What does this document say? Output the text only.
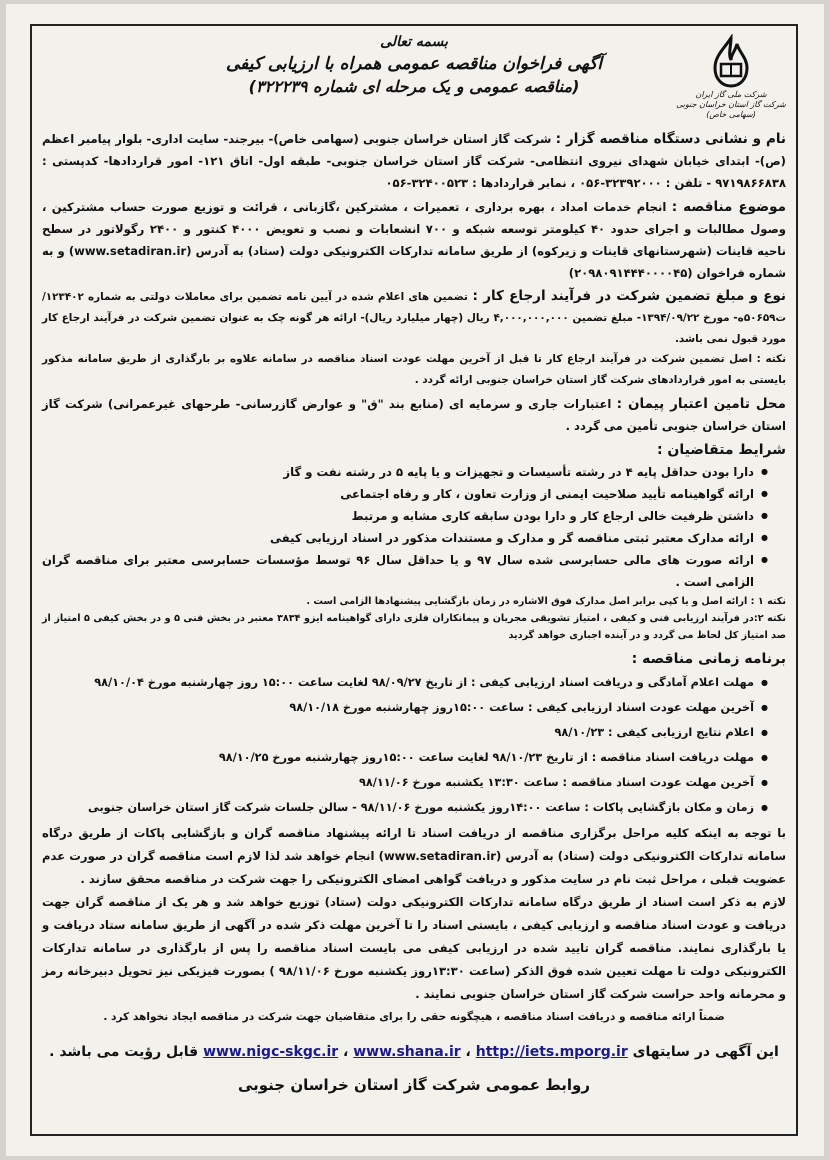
شرکت ملی گاز ایران
شرکت گاز استان خراسان جنوبی (سهامی خاص)
بسمه تعالی
آگهی فراخوان مناقصه عمومی همراه با ارزیابی کیفی
(مناقصه عمومی و یک مرحله ای شماره ۳۲۲۲۳۹)

نام و نشانی دستگاه مناقصه گزار : شرکت گاز استان خراسان جنوبی (سهامی خاص)- بیرجند- سایت اداری- بلوار پیامبر اعظم (ص)- ابتدای خیابان شهدای نیروی انتظامی- شرکت گاز استان خراسان جنوبی- طبقه اول- اتاق ۱۲۱- امور قراردادها- کدپستی : ۹۷۱۹۸۶۶۸۳۸ - تلفن : ۳۲۳۹۲۰۰۰-۰۵۶ ، نمابر قراردادها : ۳۲۴۰۰۵۲۳-۰۵۶

موضوع مناقصه : انجام خدمات امداد ، بهره برداری ، تعمیرات ، مشترکین ،گازبانی ، قرائت و توزیع صورت حساب مشترکین ، وصول مطالبات و اجرای حدود ۴۰ کیلومتر توسعه شبکه و ۷۰۰ انشعابات و نصب و تعویض ۴۰۰۰ کنتور و ۲۴۰۰ رگولاتور در سطح ناحیه قاینات (شهرستانهای قاینات و زیرکوه) از طریق سامانه تدارکات الکترونیکی دولت (ستاد) به آدرس (www.setadiran.ir) و به شماره فراخوان (۲۰۹۸۰۹۱۴۴۴۰۰۰۰۴۵)

نوع و مبلغ تضمین شرکت در فرآیند ارجاع کار : تضمین های اعلام شده در آیین نامه تضمین برای معاملات دولتی به شماره ۱۲۳۴۰۲/ت۵۰۶۵۹ه- مورخ ۱۳۹۴/۰۹/۲۲- مبلغ تضمین ۴,۰۰۰,۰۰۰,۰۰۰ ریال (چهار میلیارد ریال)- ارائه هر گونه چک به عنوان تضمین شرکت در فرآیند ارجاع کار مورد قبول نمی باشد.

نکته : اصل تضمین شرکت در فرآیند ارجاع کار تا قبل از آخرین مهلت عودت اسناد مناقصه در سامانه علاوه بر بارگذاری از طریق سامانه مذکور بایستی به امور قراردادهای شرکت گاز استان خراسان جنوبی ارائه گردد .

محل تامین اعتبار پیمان : اعتبارات جاری و سرمایه ای (منابع بند "ق" و عوارض گازرسانی- طرحهای غیرعمرانی) شرکت گاز استان خراسان جنوبی تأمین می گردد .

شرایط متقاضیان :
● دارا بودن حداقل پایه ۴ در رشته تأسیسات و تجهیزات و یا پایه ۵ در رشته نفت و گاز
● ارائه گواهینامه تأیید صلاحیت ایمنی از وزارت تعاون ، کار و رفاه اجتماعی
● داشتن ظرفیت خالی ارجاع کار و دارا بودن سابقه کاری مشابه و مرتبط
● ارائه مدارک معتبر ثبتی مناقصه گر و مدارک و مستندات مذکور در اسناد ارزیابی کیفی
● ارائه صورت های مالی حسابرسی شده سال ۹۷ و یا حداقل سال ۹۶ توسط مؤسسات حسابرسی معتبر برای مناقصه گران الزامی است .

نکته ۱ : ارائه اصل و یا کپی برابر اصل مدارک فوق الاشاره در زمان بازگشایی پیشنهادها الزامی است .

نکته ۲:در فرآیند ارزیابی فنی و کیفی ، امتیاز تشویقی مجریان و پیمانکاران فلزی دارای گواهینامه ایزو ۳۸۳۴ معتبر در بخش فنی ۵ و در بخش کیفی ۵ امتیاز از صد امتیاز کل لحاظ می گردد و در آینده اجباری خواهد گردید

برنامه زمانی مناقصه :
● مهلت اعلام آمادگی و دریافت اسناد ارزیابی کیفی : از تاریخ ۹۸/۰۹/۲۷ لغایت ساعت ۱۵:۰۰ روز چهارشنبه مورخ ۹۸/۱۰/۰۴
● آخرین مهلت عودت اسناد ارزیابی کیفی : ساعت ۱۵:۰۰روز چهارشنبه مورخ ۹۸/۱۰/۱۸
● اعلام نتایج ارزیابی کیفی : ۹۸/۱۰/۲۳
● مهلت دریافت اسناد مناقصه : از تاریخ ۹۸/۱۰/۲۳ لغایت ساعت ۱۵:۰۰روز چهارشنبه مورخ ۹۸/۱۰/۲۵
● آخرین مهلت عودت اسناد مناقصه : ساعت ۱۳:۳۰ یکشنبه مورخ ۹۸/۱۱/۰۶
● زمان و مکان بازگشایی پاکات : ساعت ۱۴:۰۰روز یکشنبه مورخ ۹۸/۱۱/۰۶ - سالن جلسات شرکت گاز استان خراسان جنوبی

با توجه به اینکه کلیه مراحل برگزاری مناقصه از دریافت اسناد تا ارائه پیشنهاد مناقصه گران و بازگشایی پاکات از طریق درگاه سامانه تدارکات الکترونیکی دولت (ستاد) به آدرس (www.setadiran.ir) انجام خواهد شد لذا لازم است مناقصه گران در صورت عدم عضویت قبلی ، مراحل ثبت نام در سایت مذکور و دریافت گواهی امضای الکترونیکی را جهت شرکت در مناقصه محقق سازند .

لازم به ذکر است اسناد از طریق درگاه سامانه تدارکات الکترونیکی دولت (ستاد) توزیع خواهد شد و هر یک از مناقصه گران جهت دریافت و عودت اسناد مناقصه و ارزیابی کیفی ، بایستی اسناد را تا آخرین مهلت ذکر شده در آگهی از طریق سامانه ستاد دریافت و یا بارگذاری نمایند. مناقصه گران تایید شده در ارزیابی کیفی می بایست اسناد مناقصه را پس از بارگذاری در سامانه تدارکات الکترونیکی دولت تا مهلت تعیین شده فوق الذکر (ساعت ۱۳:۳۰روز یکشنبه مورخ ۹۸/۱۱/۰۶ ) بصورت فیزیکی نیز تحویل دبیرخانه رمز و محرمانه واحد حراست شرکت گاز استان خراسان جنوبی نمایند .

ضمناً ارائه مناقصه و دریافت اسناد مناقصه ، هیچگونه حقی را برای متقاضیان جهت شرکت در مناقصه ایجاد نخواهد کرد .

این آگهی در سایتهای www.nigc-skgc.ir ، www.shana.ir ، http://iets.mporg.ir قابل رؤیت می باشد .
روابط عمومی شرکت گاز استان خراسان جنوبی
